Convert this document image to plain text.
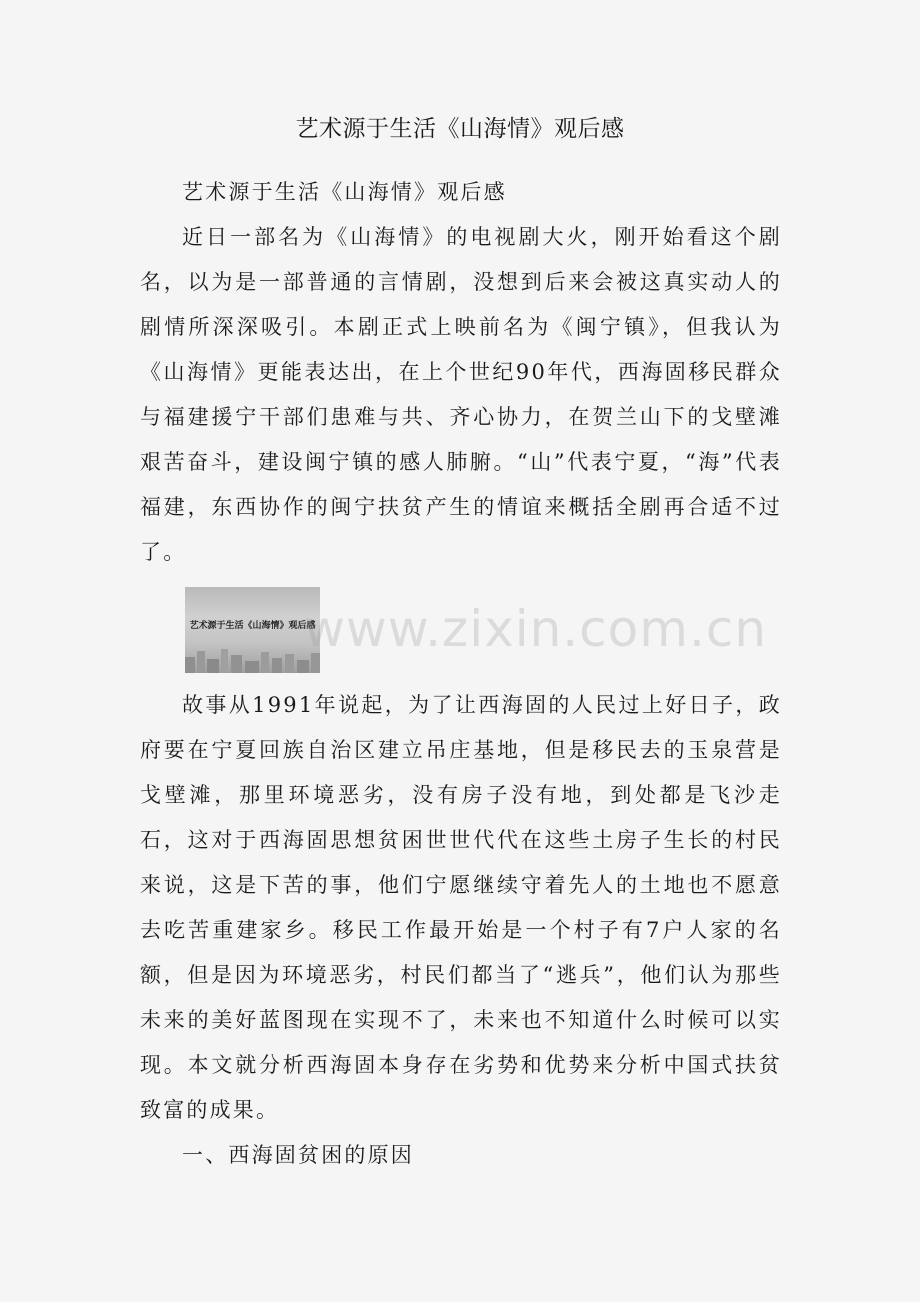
艺术源于生活《山海情》观后感

艺术源于生活《山海情》观后感

近日一部名为《山海情》的电视剧大火，刚开始看这个剧名，以为是一部普通的言情剧，没想到后来会被这真实动人的剧情所深深吸引。本剧正式上映前名为《闽宁镇》，但我认为《山海情》更能表达出，在上个世纪90年代，西海固移民群众与福建援宁干部们患难与共、齐心协力，在贺兰山下的戈壁滩艰苦奋斗，建设闽宁镇的感人肺腑。“山”代表宁夏，“海”代表福建，东西协作的闽宁扶贫产生的情谊来概括全剧再合适不过了。

艺术源于生活《山海情》观后感

故事从1991年说起，为了让西海固的人民过上好日子，政府要在宁夏回族自治区建立吊庄基地，但是移民去的玉泉营是戈壁滩，那里环境恶劣，没有房子没有地，到处都是飞沙走石，这对于西海固思想贫困世世代代在这些土房子生长的村民来说，这是下苦的事，他们宁愿继续守着先人的土地也不愿意去吃苦重建家乡。移民工作最开始是一个村子有7户人家的名额，但是因为环境恶劣，村民们都当了“逃兵”，他们认为那些未来的美好蓝图现在实现不了，未来也不知道什么时候可以实现。本文就分析西海固本身存在劣势和优势来分析中国式扶贫致富的成果。

一、西海固贫困的原因

www.zixin.com.cn
